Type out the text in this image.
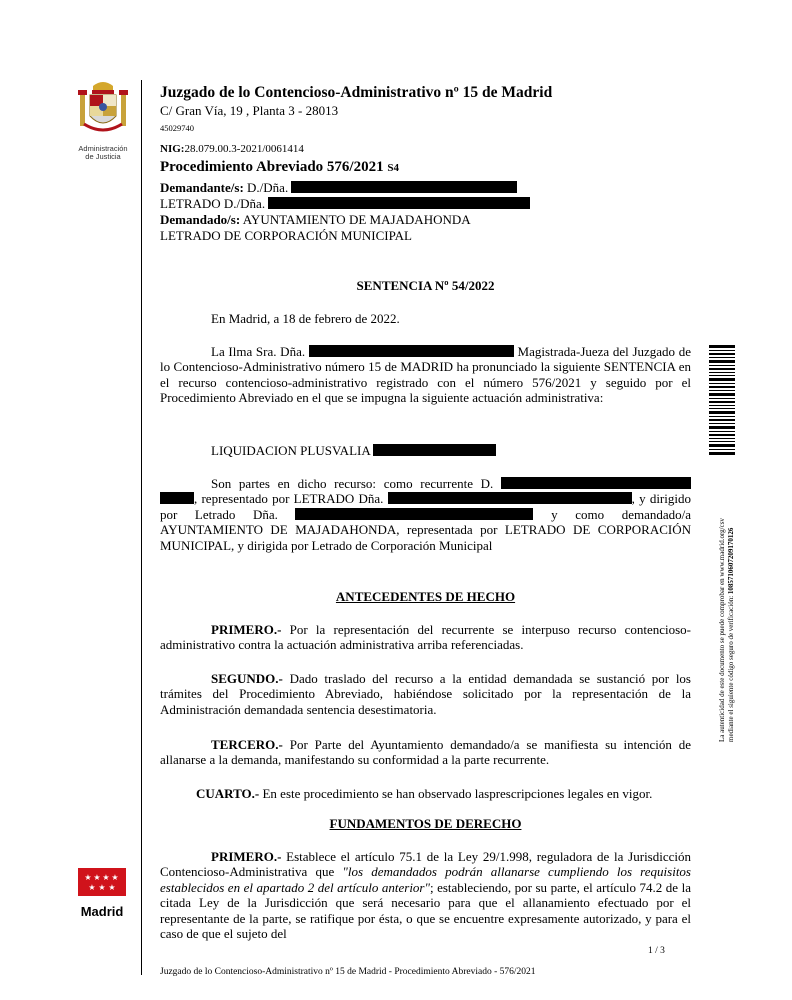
Administración
de Justicia
Juzgado de lo Contencioso-Administrativo nº 15 de Madrid
C/ Gran Vía, 19 , Planta 3 - 28013
45029740
NIG:28.079.00.3-2021/0061414
Procedimiento Abreviado 576/2021 S4
Demandante/s: D./Dña.
LETRADO D./Dña.
Demandado/s: AYUNTAMIENTO DE MAJADAHONDA
LETRADO DE CORPORACIÓN MUNICIPAL
SENTENCIA Nº 54/2022
En Madrid, a 18 de febrero de 2022.

La Ilma Sra. Dña.	Magistrada-Jueza del Juzgado de lo Contencioso-Administrativo número 15 de MADRID ha pronunciado la siguiente SENTENCIA en el recurso contencioso-administrativo registrado con el número 576/2021 y seguido por el Procedimiento Abreviado en el que se impugna la siguiente actuación administrativa:

LIQUIDACION PLUSVALIA

Son partes en dicho recurso: como recurrente D.  , representado por LETRADO Dña.	, y dirigido por Letrado Dña.	y como demandado/a AYUNTAMIENTO DE MAJADAHONDA, representada por LETRADO DE CORPORACIÓN MUNICIPAL, y dirigida por Letrado de Corporación Municipal

ANTECEDENTES DE HECHO

PRIMERO.- Por la representación del recurrente se interpuso recurso contencioso-administrativo contra la actuación administrativa arriba referenciadas.

SEGUNDO.- Dado traslado del recurso a la entidad demandada se sustanció por los trámites del Procedimiento Abreviado, habiéndose solicitado por la representación de la Administración demandada sentencia desestimatoria.

TERCERO.- Por Parte del Ayuntamiento demandado/a se manifiesta su intención de allanarse a la demanda, manifestando su conformidad a la parte recurrente.

CUARTO.- En este procedimiento se han observado lasprescripciones legales en vigor.

FUNDAMENTOS DE DERECHO

PRIMERO.- Establece el artículo 75.1 de la Ley 29/1.998, reguladora de la Jurisdicción Contencioso-Administrativa que "los demandados podrán allanarse cumpliendo los requisitos establecidos en el apartado 2 del artículo anterior"; estableciendo, por su parte, el artículo 74.2 de la citada Ley de la Jurisdicción que será necesario para que el allanamiento efectuado por el representante de la parte, se ratifique por ésta, o que se encuentre expresamente autorizado, y para el caso de que el sujeto del

La autenticidad de este documento se puede comprobar en www.madrid.org/csv mediante el siguiente código seguro de verificación: 1085710607209170126
★ ★ ★ ★
★ ★ ★
Madrid
1 / 3
Juzgado de lo Contencioso-Administrativo nº 15 de Madrid - Procedimiento Abreviado - 576/2021
